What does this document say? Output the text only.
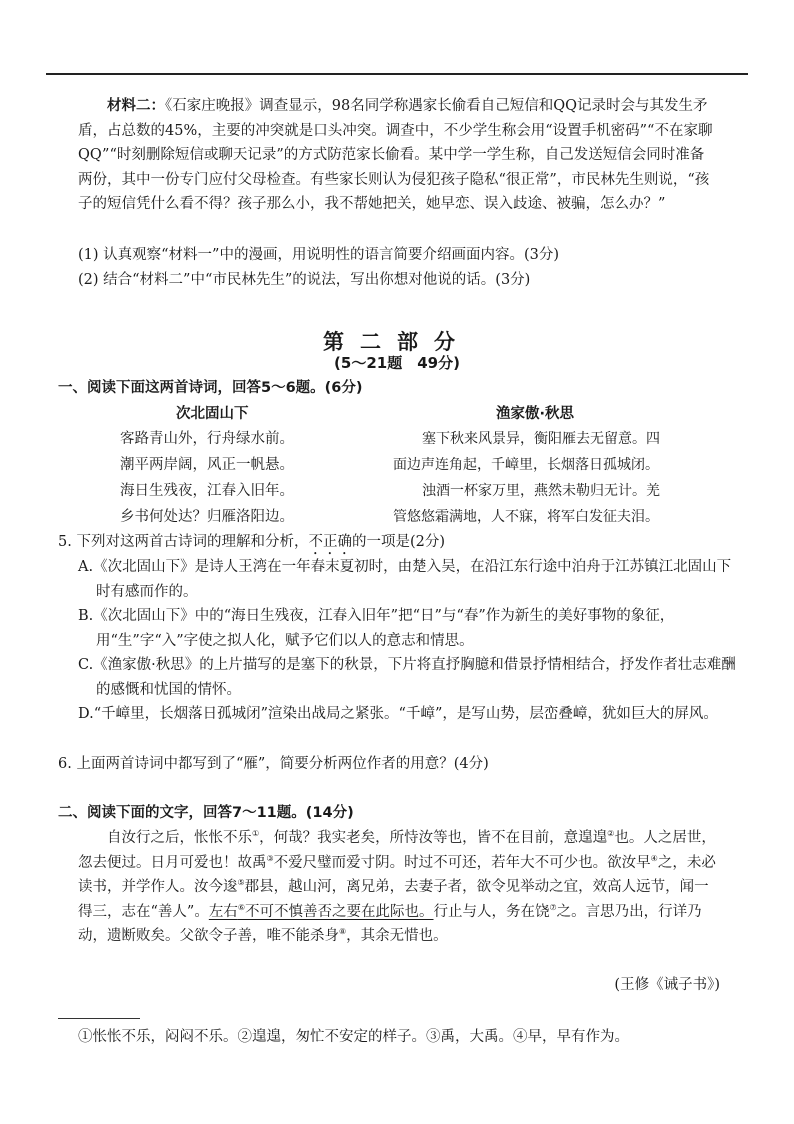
材料二：《石家庄晚报》调查显示，98名同学称遇家长偷看自己短信和QQ记录时会与其发生矛盾，占总数的45%，主要的冲突就是口头冲突。调查中，不少学生称会用“设置手机密码”“不在家聊QQ”“时刻删除短信或聊天记录”的方式防范家长偷看。某中学一学生称，自己发送短信会同时准备两份，其中一份专门应付父母检查。有些家长则认为侵犯孩子隐私“很正常”，市民林先生则说，“孩子的短信凭什么看不得？孩子那么小，我不帮她把关，她早恋、误入歧途、被骗，怎么办？”
(1) 认真观察“材料一”中的漫画，用说明性的语言简要介绍画面内容。(3分)
(2) 结合“材料二”中“市民林先生”的说法，写出你想对他说的话。(3分)
第二部分
(5～21题　49分)
一、阅读下面这两首诗词，回答5～6题。(6分)
次北固山下	渔家傲·秋思
客路青山外，行舟绿水前。
潮平两岸阔，风正一帆悬。
海日生残夜，江春入旧年。
乡书何处达？归雁洛阳边。
塞下秋来风景异，衡阳雁去无留意。四
面边声连角起，千嶂里，长烟落日孤城闭。
浊酒一杯家万里，燕然未勒归无计。羌
管悠悠霜满地，人不寐，将军白发征夫泪。
5. 下列对这两首古诗词的理解和分析，不正确的一项是(2分)
A.《次北固山下》是诗人王湾在一年春末夏初时，由楚入吴，在沿江东行途中泊舟于江苏镇江北固山下时有感而作的。
B.《次北固山下》中的“海日生残夜，江春入旧年”把“日”与“春”作为新生的美好事物的象征，用“生”字“入”字使之拟人化，赋予它们以人的意志和情思。
C.《渔家傲·秋思》的上片描写的是塞下的秋景，下片将直抒胸臆和借景抒情相结合，抒发作者壮志难酬的感慨和忧国的情怀。
D.“千嶂里，长烟落日孤城闭”渲染出战局之紧张。“千嶂”，是写山势，层峦叠嶂，犹如巨大的屏风。
6. 上面两首诗词中都写到了“雁”，简要分析两位作者的用意？(4分)
二、阅读下面的文字，回答7～11题。(14分)
自汝行之后，怅怅不乐①，何哉？我实老矣，所恃汝等也，皆不在目前，意遑遑②也。人之居世，忽去便过。日月可爱也！故禹③不爱尺璧而爱寸阴。时过不可还，若年大不可少也。欲汝早④之，未必读书，并学作人。汝今逡⑤郡县，越山河，离兄弟，去妻子者，欲令见举动之宜，效高人远节，闻一得三，志在“善人”。左右⑥不可不慎善否之要在此际也。行止与人，务在饶⑦之。言思乃出，行详乃动，遗断败矣。父欲令子善，唯不能杀身⑧，其余无惜也。
(王修《诫子书》)
①怅怅不乐，闷闷不乐。②遑遑，匆忙不安定的样子。③禹，大禹。④早，早有作为。
